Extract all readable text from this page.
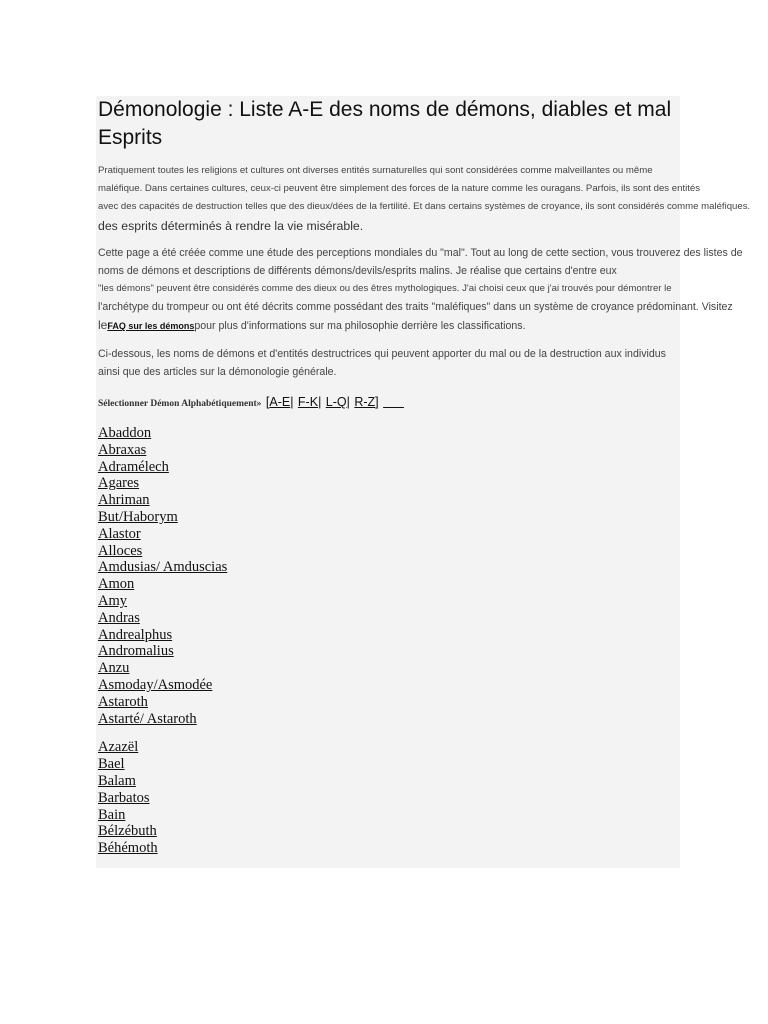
Démonologie : Liste A-E des noms de démons, diables et mal Esprits
Pratiquement toutes les religions et cultures ont diverses entités surnaturelles qui sont considérées comme malveillantes ou même
maléfique. Dans certaines cultures, ceux-ci peuvent être simplement des forces de la nature comme les ouragans. Parfois, ils sont des entités
avec des capacités de destruction telles que des dieux/dées de la fertilité. Et dans certains systèmes de croyance, ils sont considérés comme maléfiques.
des esprits déterminés à rendre la vie misérable.
Cette page a été créée comme une étude des perceptions mondiales du "mal". Tout au long de cette section, vous trouverez des listes de
noms de démons et descriptions de différents démons/devils/esprits malins. Je réalise que certains d'entre eux
"les démons" peuvent être considérés comme des dieux ou des êtres mythologiques. J'ai choisi ceux que j'ai trouvés pour démontrer le
l'archétype du trompeur ou ont été décrits comme possédant des traits "maléfiques" dans un système de croyance prédominant. Visitez
leFAQ sur les démonspour plus d'informations sur ma philosophie derrière les classifications.
Ci-dessous, les noms de démons et d'entités destructrices qui peuvent apporter du mal ou de la destruction aux individus
ainsi que des articles sur la démonologie générale.
Sélectionner Démon Alphabétiquement» [A-E| F-K| L-Q| R-Z]
Abaddon
Abraxas
Adramélech
Agares
Ahriman
But/Haborym
Alastor
Alloces
Amdusias/ Amduscias
Amon
Amy
Andras
Andrealphus
Andromalius
Anzu
Asmoday/Asmodée
Astaroth
Astarté/ Astaroth
Azazël
Bael
Balam
Barbatos
Bain
Bélzébuth
Béhémoth
